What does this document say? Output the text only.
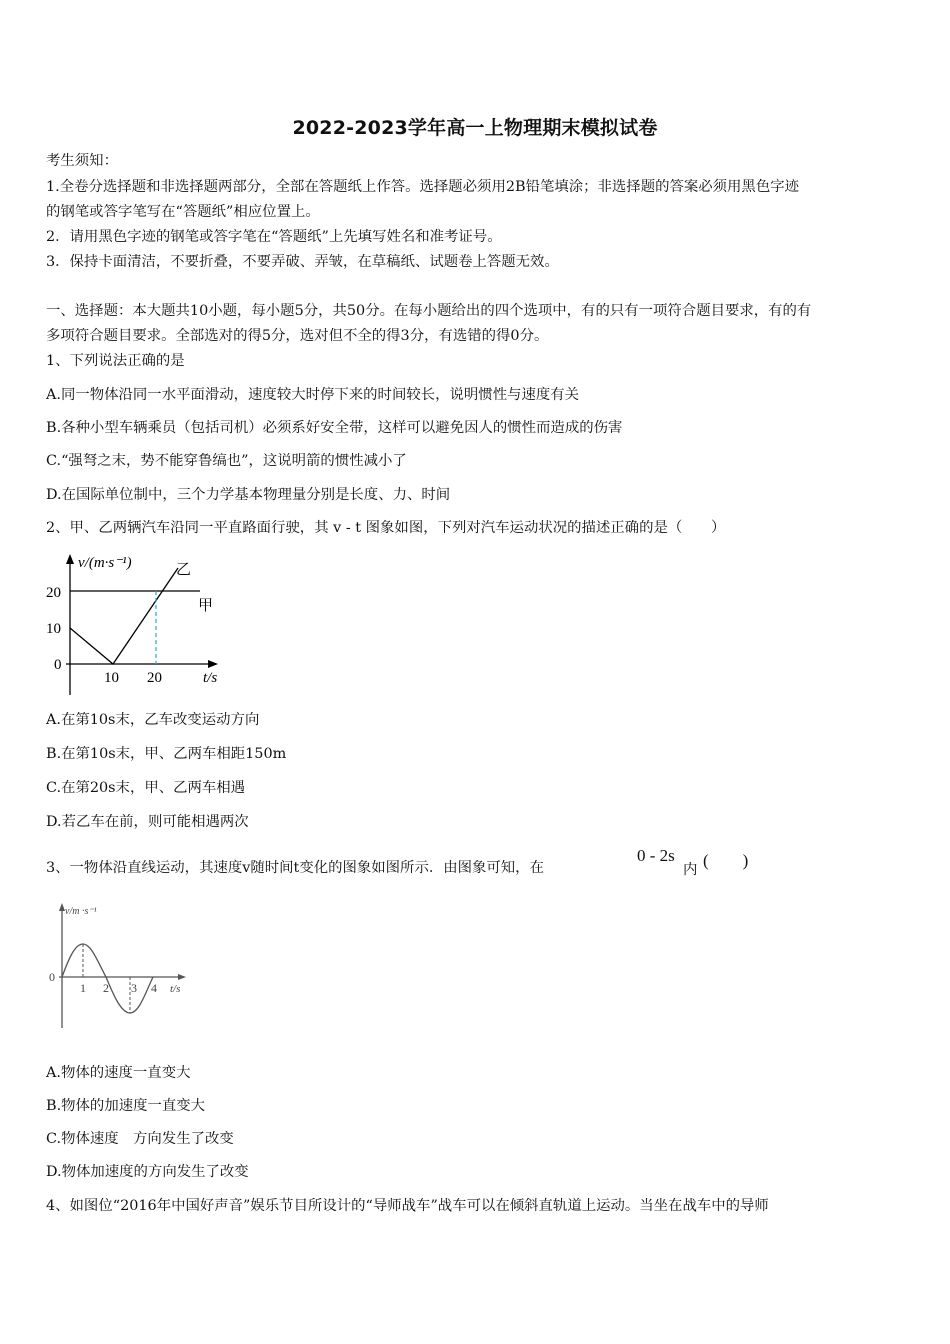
2022-2023学年高一上物理期末模拟试卷
考生须知：
1.全卷分选择题和非选择题两部分，全部在答题纸上作答。选择题必须用2B铅笔填涂；非选择题的答案必须用黑色字迹
的钢笔或答字笔写在“答题纸”相应位置上。
2．请用黑色字迹的钢笔或答字笔在“答题纸”上先填写姓名和准考证号。
3．保持卡面清洁，不要折叠，不要弄破、弄皱，在草稿纸、试题卷上答题无效。
一、选择题：本大题共10小题，每小题5分，共50分。在每小题给出的四个选项中，有的只有一项符合题目要求，有的有
多项符合题目要求。全部选对的得5分，选对但不全的得3分，有选错的得0分。
1、下列说法正确的是
A.同一物体沿同一水平面滑动，速度较大时停下来的时间较长，说明惯性与速度有关
B.各种小型车辆乘员（包括司机）必须系好安全带，这样可以避免因人的惯性而造成的伤害
C.“强弩之末，势不能穿鲁缟也”，这说明箭的惯性减小了
D.在国际单位制中，三个力学基本物理量分别是长度、力、时间
2、甲、乙两辆汽车沿同一平直路面行驶，其 v - t 图象如图，下列对汽车运动状况的描述正确的是（　　）
v/(m·s⁻¹)	乙
甲
20
10
0
10 20	t/s
A.在第10s末，乙车改变运动方向
B.在第10s末，甲、乙两车相距150m
C.在第20s末，甲、乙两车相遇
D.若乙车在前，则可能相遇两次
3、一物体沿直线运动，其速度v随时间t变化的图象如图所示．由图象可知，在
0 - 2s
内 (　　)
v/m ·s⁻¹
0
1 2 3 4 t/s
A.物体的速度一直变大
B.物体的加速度一直变大
C.物体速度　方向发生了改变
D.物体加速度的方向发生了改变
4、如图位“2016年中国好声音”娱乐节目所设计的“导师战车”战车可以在倾斜直轨道上运动。当坐在战车中的导师
